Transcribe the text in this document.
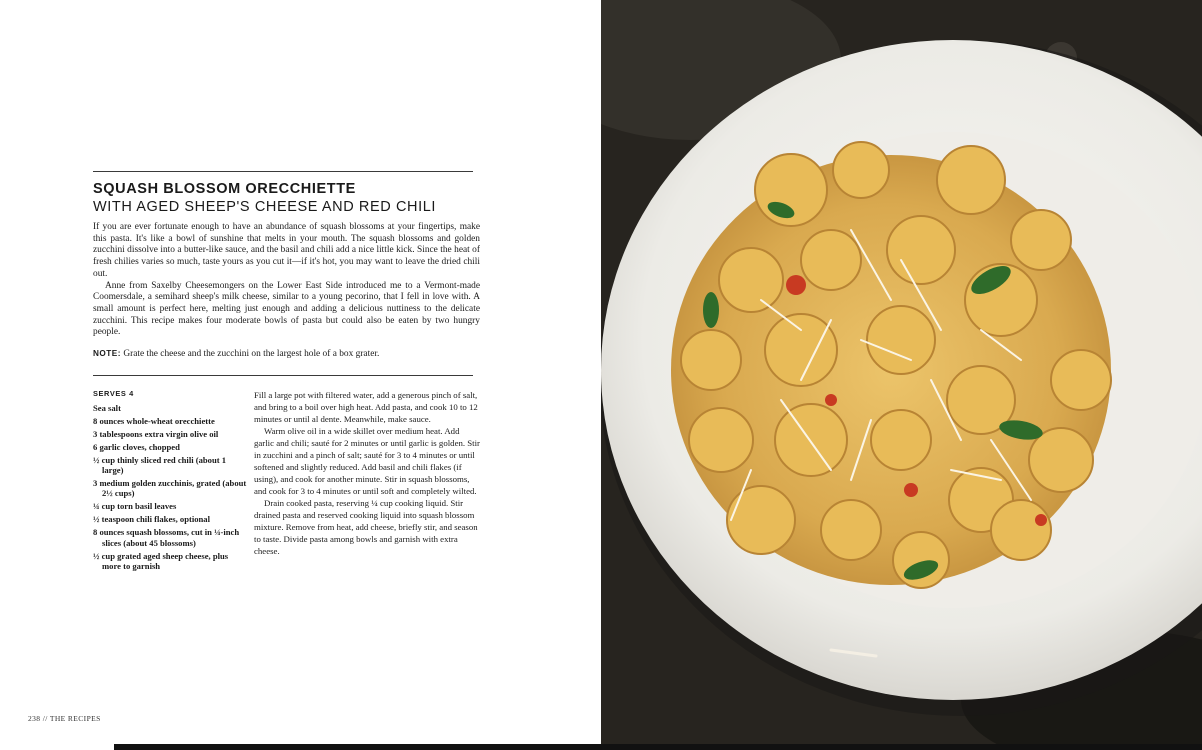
SQUASH BLOSSOM ORECCHIETTE
WITH AGED SHEEP'S CHEESE AND RED CHILI

If you are ever fortunate enough to have an abundance of squash blossoms at your fingertips, make this pasta. It's like a bowl of sunshine that melts in your mouth. The squash blossoms and golden zucchini dissolve into a butter-like sauce, and the basil and chili add a nice little kick. Since the heat of fresh chilies varies so much, taste yours as you cut it—if it's hot, you may want to leave the dried chili out.

Anne from Saxelby Cheesemongers on the Lower East Side introduced me to a Vermont-made Coomersdale, a semihard sheep's milk cheese, similar to a young pecorino, that I fell in love with. A small amount is perfect here, melting just enough and adding a delicious nuttiness to the delicate zucchini. This recipe makes four moderate bowls of pasta but could also be eaten by two hungry people.

NOTE: Grate the cheese and the zucchini on the largest hole of a box grater.
SERVES 4
Sea salt
8 ounces whole-wheat orecchiette
3 tablespoons extra virgin olive oil
6 garlic cloves, chopped
½ cup thinly sliced red chili (about 1 large)
3 medium golden zucchinis, grated (about 2½ cups)
¼ cup torn basil leaves
½ teaspoon chili flakes, optional
8 ounces squash blossoms, cut in ¼-inch slices (about 45 blossoms)
½ cup grated aged sheep cheese, plus more to garnish

Fill a large pot with filtered water, add a generous pinch of salt, and bring to a boil over high heat. Add pasta, and cook 10 to 12 minutes or until al dente. Meanwhile, make sauce.

Warm olive oil in a wide skillet over medium heat. Add garlic and chili; sauté for 2 minutes or until garlic is golden. Stir in zucchini and a pinch of salt; sauté for 3 to 4 minutes or until softened and slightly reduced. Add basil and chili flakes (if using), and cook for another minute. Stir in squash blossoms, and cook for 3 to 4 minutes or until soft and completely wilted.

Drain cooked pasta, reserving ¼ cup cooking liquid. Stir drained pasta and reserved cooking liquid into squash blossom mixture. Remove from heat, add cheese, briefly stir, and season to taste. Divide pasta among bowls and garnish with extra cheese.

238 // THE RECIPES
